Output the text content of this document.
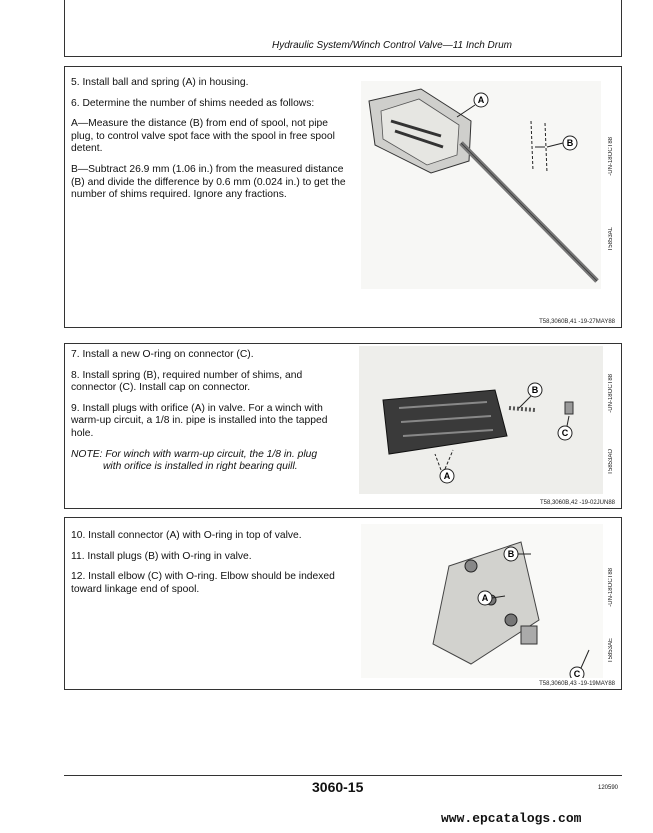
Hydraulic System/Winch Control Valve—11 Inch Drum

5. Install ball and spring (A) in housing.

6. Determine the number of shims needed as follows:

A—Measure the distance (B) from end of spool, not pipe plug, to control valve spot face with the spool in free spool detent.

B—Subtract 26.9 mm (1.06 in.) from the measured distance (B) and divide the difference by 0.6 mm (0.024 in.) to get the number of shims required. Ignore any fractions.

A
B	-UN-18OCT88
T5853AL
T58,3060B,41 -19-27MAY88

7. Install a new O-ring on connector (C).

8. Install spring (B), required number of shims, and connector (C). Install cap on connector.

9. Install plugs with orifice (A) in valve. For a winch with warm-up circuit, a 1/8 in. pipe is installed into the tapped hole.

NOTE: For winch with warm-up circuit, the 1/8 in. plug
with orifice is installed in right bearing quill.

B
C
A
-UN-18OCT88
T5853AO
T58,3060B,42 -19-02JUN88

10. Install connector (A) with O-ring in top of valve.

11. Install plugs (B) with O-ring in valve.

12. Install elbow (C) with O-ring. Elbow should be indexed toward linkage end of spool.

B
A
C
-UN-18OCT88
T5853AE
T58,3060B,43 -19-19MAY88
3060-15	120590
www.epcatalogs.com
